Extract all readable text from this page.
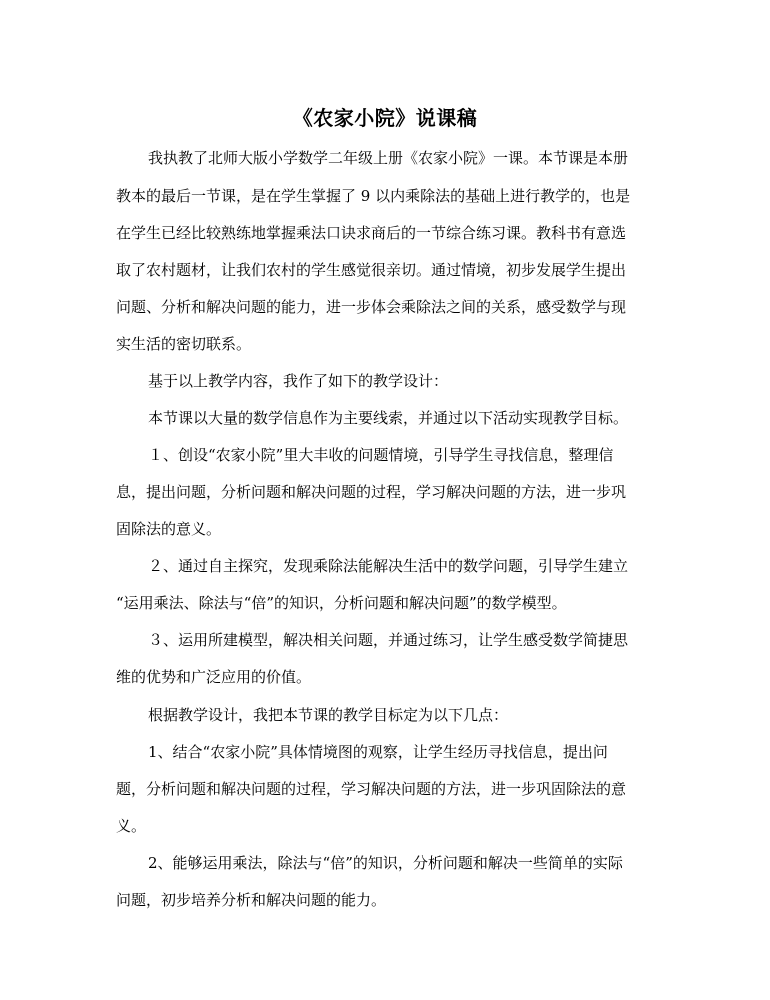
《农家小院》说课稿
我执教了北师大版小学数学二年级上册《农家小院》一课。本节课是本册
教本的最后一节课，是在学生掌握了 9 以内乘除法的基础上进行教学的，也是
在学生已经比较熟练地掌握乘法口诀求商后的一节综合练习课。教科书有意选
取了农村题材，让我们农村的学生感觉很亲切。通过情境，初步发展学生提出
问题、分析和解决问题的能力，进一步体会乘除法之间的关系，感受数学与现
实生活的密切联系。
基于以上教学内容，我作了如下的教学设计：
本节课以大量的数学信息作为主要线索，并通过以下活动实现教学目标。
１、创设“农家小院”里大丰收的问题情境，引导学生寻找信息，整理信
息，提出问题，分析问题和解决问题的过程，学习解决问题的方法，进一步巩
固除法的意义。
２、通过自主探究，发现乘除法能解决生活中的数学问题，引导学生建立
“运用乘法、除法与“倍”的知识，分析问题和解决问题”的数学模型。
３、运用所建模型，解决相关问题，并通过练习，让学生感受数学简捷思
维的优势和广泛应用的价值。
根据教学设计，我把本节课的教学目标定为以下几点：
1、结合“农家小院”具体情境图的观察，让学生经历寻找信息，提出问
题，分析问题和解决问题的过程，学习解决问题的方法，进一步巩固除法的意
义。
2、能够运用乘法，除法与“倍”的知识，分析问题和解决一些简单的实际
问题，初步培养分析和解决问题的能力。
